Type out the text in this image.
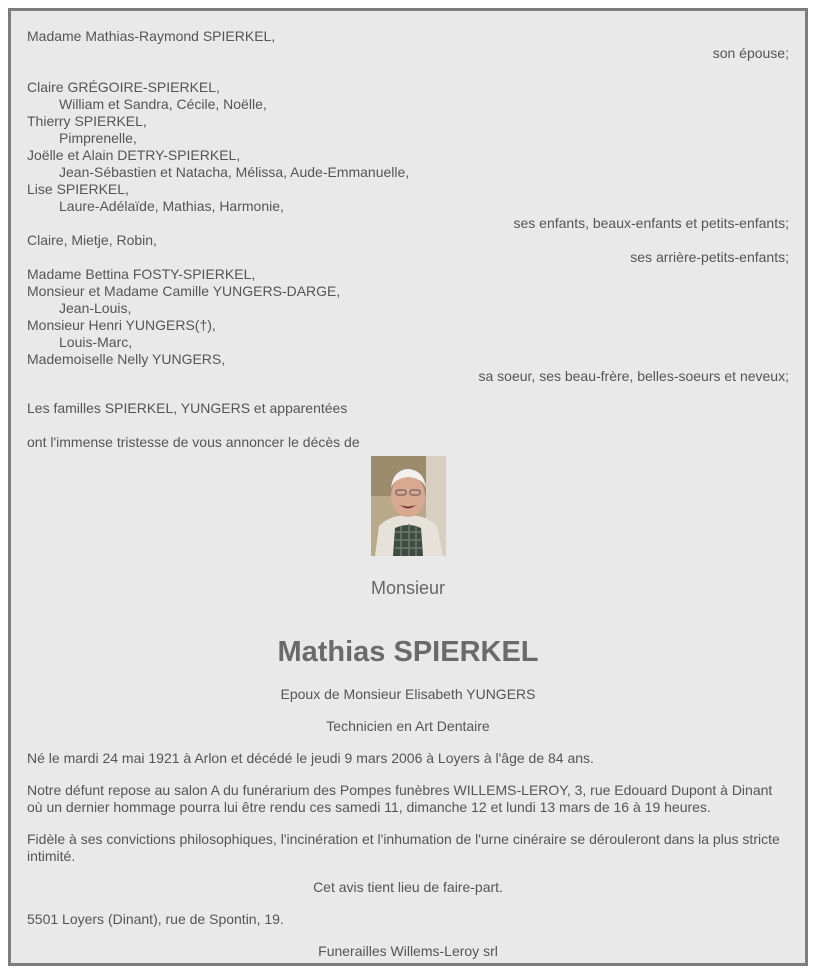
Madame Mathias-Raymond SPIERKEL,
son épouse;
Claire GRÉGOIRE-SPIERKEL,
William et Sandra, Cécile, Noëlle,
Thierry SPIERKEL,
Pimprenelle,
Joëlle et Alain DETRY-SPIERKEL,
Jean-Sébastien et Natacha, Mélissa, Aude-Emmanuelle,
Lise SPIERKEL,
Laure-Adélaïde, Mathias, Harmonie,
ses enfants, beaux-enfants et petits-enfants;
Claire, Mietje, Robin,
ses arrière-petits-enfants;
Madame Bettina FOSTY-SPIERKEL,
Monsieur et Madame Camille YUNGERS-DARGE,
Jean-Louis,
Monsieur Henri YUNGERS(†),
Louis-Marc,
Mademoiselle Nelly YUNGERS,
sa soeur, ses beau-frère, belles-soeurs et neveux;
Les familles SPIERKEL, YUNGERS et apparentées
ont l'immense tristesse de vous annoncer le décès de
Monsieur
Mathias SPIERKEL
Epoux de Monsieur Elisabeth YUNGERS
Technicien en Art Dentaire
Né le mardi 24 mai 1921 à Arlon et décédé le jeudi 9 mars 2006 à Loyers à l'âge de 84 ans.
Notre défunt repose au salon A du funérarium des Pompes funèbres WILLEMS-LEROY, 3, rue Edouard Dupont à Dinant où un dernier hommage pourra lui être rendu ces samedi 11, dimanche 12 et lundi 13 mars de 16 à 19 heures.
Fidèle à ses convictions philosophiques, l'incinération et l'inhumation de l'urne cinéraire se dérouleront dans la plus stricte intimité.
Cet avis tient lieu de faire-part.
5501 Loyers (Dinant), rue de Spontin, 19.
Funerailles Willems-Leroy srl
